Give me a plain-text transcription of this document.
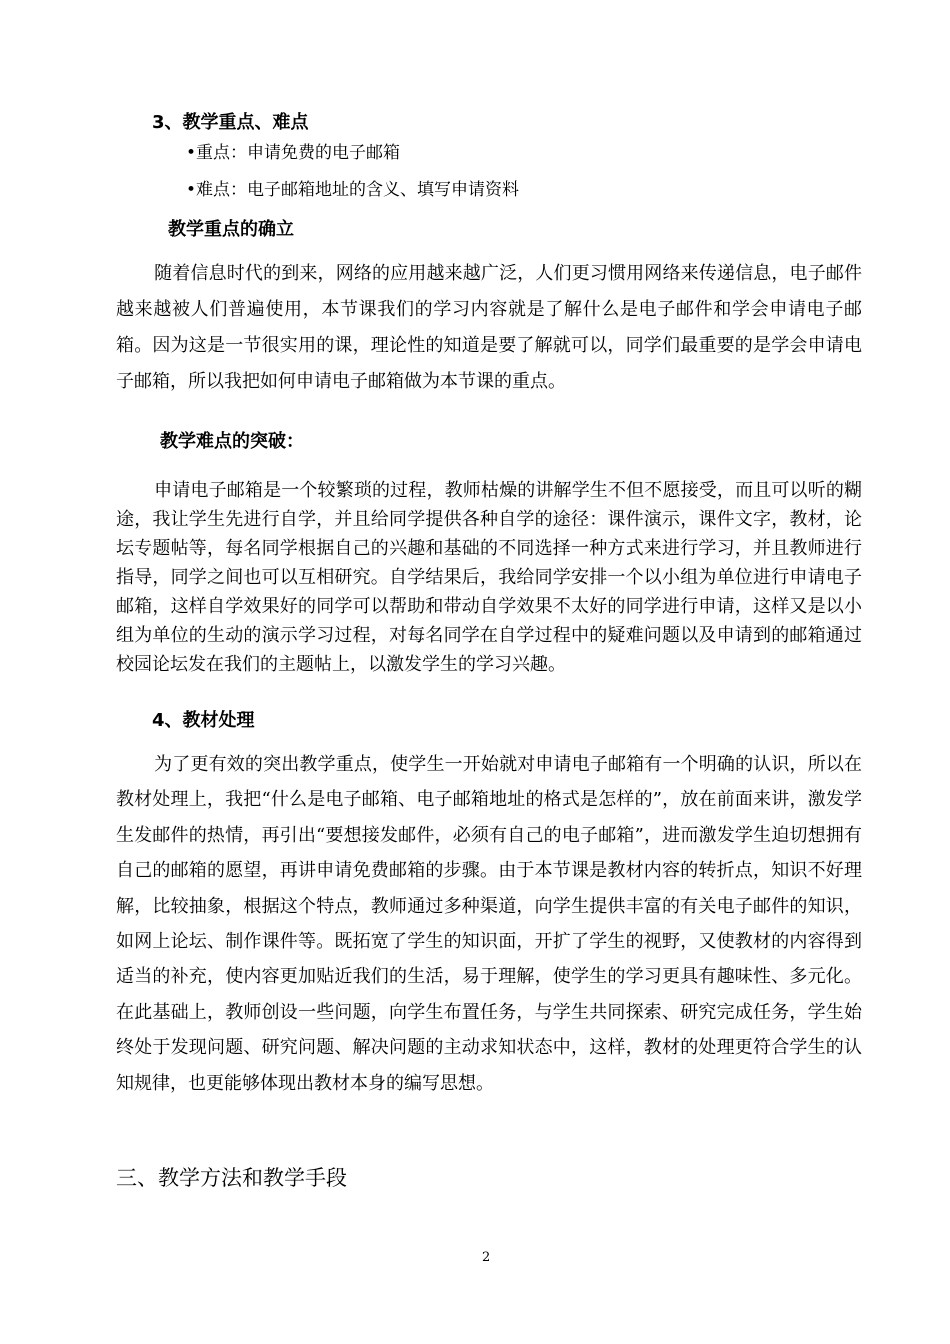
3、教学重点、难点
•重点：申请免费的电子邮箱
•难点：电子邮箱地址的含义、填写申请资料
教学重点的确立

随着信息时代的到来，网络的应用越来越广泛，人们更习惯用网络来传递信息，电子邮件越来越被人们普遍使用，本节课我们的学习内容就是了解什么是电子邮件和学会申请电子邮箱。因为这是一节很实用的课，理论性的知道是要了解就可以，同学们最重要的是学会申请电子邮箱，所以我把如何申请电子邮箱做为本节课的重点。

教学难点的突破：

申请电子邮箱是一个较繁琐的过程，教师枯燥的讲解学生不但不愿接受，而且可以听的糊途，我让学生先进行自学，并且给同学提供各种自学的途径：课件演示，课件文字，教材，论坛专题帖等，每名同学根据自己的兴趣和基础的不同选择一种方式来进行学习，并且教师进行指导，同学之间也可以互相研究。自学结果后，我给同学安排一个以小组为单位进行申请电子邮箱，这样自学效果好的同学可以帮助和带动自学效果不太好的同学进行申请，这样又是以小组为单位的生动的演示学习过程，对每名同学在自学过程中的疑难问题以及申请到的邮箱通过校园论坛发在我们的主题帖上，以激发学生的学习兴趣。

4、教材处理

为了更有效的突出教学重点，使学生一开始就对申请电子邮箱有一个明确的认识，所以在教材处理上，我把“什么是电子邮箱、电子邮箱地址的格式是怎样的”，放在前面来讲，激发学生发邮件的热情，再引出“要想接发邮件，必须有自己的电子邮箱”，进而激发学生迫切想拥有自己的邮箱的愿望，再讲申请免费邮箱的步骤。由于本节课是教材内容的转折点，知识不好理解，比较抽象，根据这个特点，教师通过多种渠道，向学生提供丰富的有关电子邮件的知识，如网上论坛、制作课件等。既拓宽了学生的知识面，开扩了学生的视野，又使教材的内容得到适当的补充，使内容更加贴近我们的生活，易于理解，使学生的学习更具有趣味性、多元化。在此基础上，教师创设一些问题，向学生布置任务，与学生共同探索、研究完成任务，学生始终处于发现问题、研究问题、解决问题的主动求知状态中，这样，教材的处理更符合学生的认知规律，也更能够体现出教材本身的编写思想。

三、教学方法和教学手段
2
